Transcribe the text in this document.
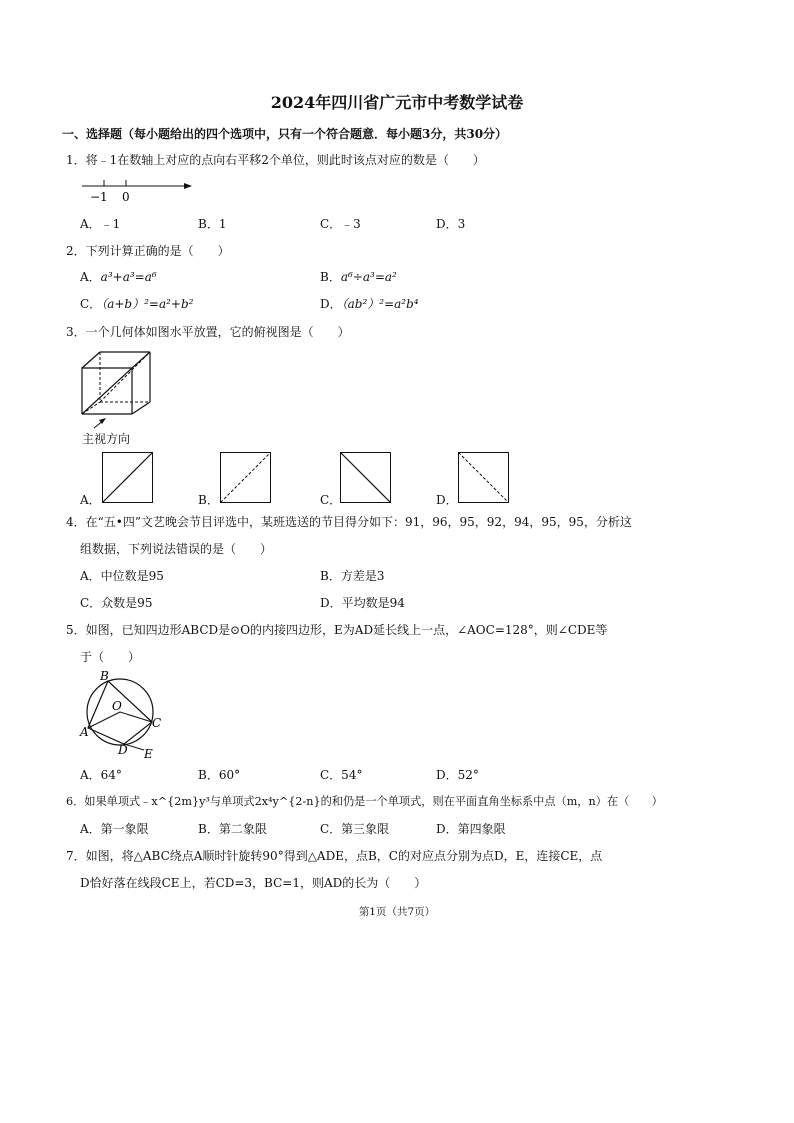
2024年四川省广元市中考数学试卷
一、选择题（每小题给出的四个选项中，只有一个符合题意．每小题3分，共30分）
1．将﹣1在数轴上对应的点向右平移2个单位，则此时该点对应的数是（　　）
−1 0
A．﹣1	B．1	C．﹣3	D．3
2．下列计算正确的是（　　）
A．a³+a³=a⁶	B．a⁶÷a³=a²
C．（a+b）²=a²+b²	D．（ab²）²=a²b⁴
3．一个几何体如图水平放置，它的俯视图是（　　）
主视方向
A．	B．	C．	D．
4．在“五•四”文艺晚会节目评选中，某班选送的节目得分如下：91，96，95，92，94，95，95，分析这
组数据，下列说法错误的是（　　）
A．中位数是95	B．方差是3
C．众数是95	D．平均数是94
5．如图，已知四边形ABCD是⊙O的内接四边形，E为AD延长线上一点，∠AOC=128°，则∠CDE等
于（　　）
B
O
C
A
D E
A．64°	B．60°	C．54°	D．52°
6．如果单项式﹣x^{2m}y³与单项式2x⁴y^{2-n}的和仍是一个单项式，则在平面直角坐标系中点（m，n）在（　　）
A．第一象限	B．第二象限	C．第三象限	D．第四象限
7．如图，将△ABC绕点A顺时针旋转90°得到△ADE，点B，C的对应点分别为点D，E，连接CE，点
D恰好落在线段CE上，若CD=3，BC=1，则AD的长为（　　）
第1页（共7页）
